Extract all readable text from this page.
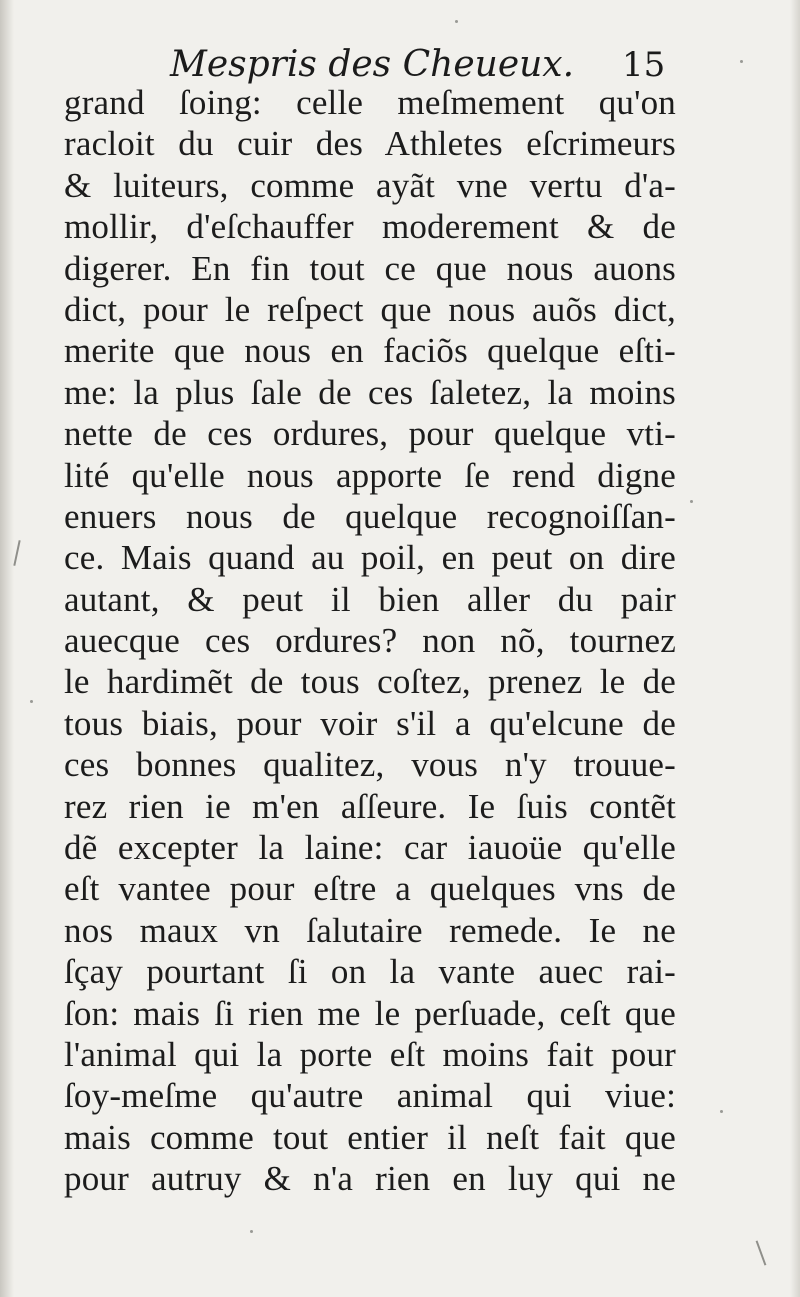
Mespris des Cheueux. 15
grand ſoing: celle meſmement qu'on
racloit du cuir des Athletes eſcrimeurs
& luiteurs, comme ayãt vne vertu d'a-
mollir, d'eſchauffer moderement & de
digerer. En fin tout ce que nous auons
dict, pour le reſpect que nous auõs dict,
merite que nous en faciõs quelque eſti-
me: la plus ſale de ces ſaletez, la moins
nette de ces ordures, pour quelque vti-
lité qu'elle nous apporte ſe rend digne
enuers nous de quelque recognoiſſan-
ce. Mais quand au poil, en peut on dire
autant, & peut il bien aller du pair
auecque ces ordures? non nõ, tournez
le hardimẽt de tous coſtez, prenez le de
tous biais, pour voir s'il a qu'elcune de
ces bonnes qualitez, vous n'y trouue-
rez rien ie m'en aſſeure. Ie ſuis contẽt
dẽ excepter la laine: car iauoüe qu'elle
eſt vantee pour eſtre a quelques vns de
nos maux vn ſalutaire remede. Ie ne
ſçay pourtant ſi on la vante auec rai-
ſon: mais ſi rien me le perſuade, ceſt que
l'animal qui la porte eſt moins fait pour
ſoy-meſme qu'autre animal qui viue:
mais comme tout entier il neſt fait que
pour autruy & n'a rien en luy qui ne
